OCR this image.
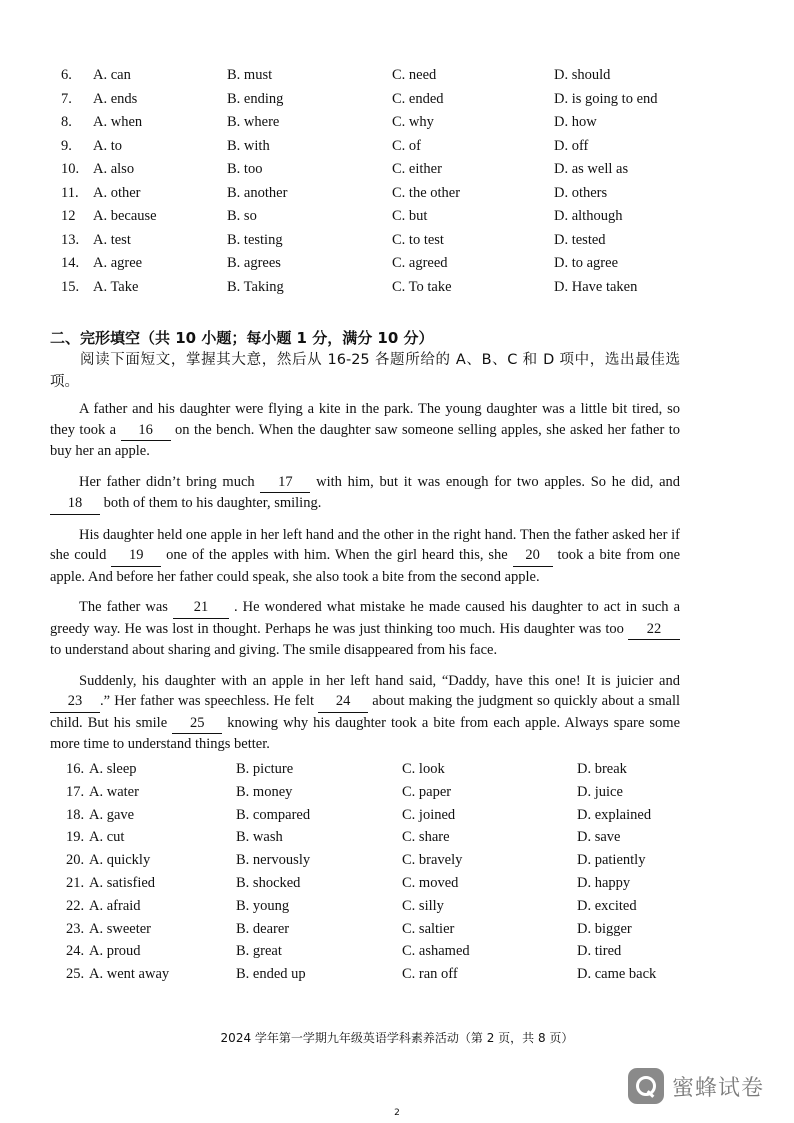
6. A. can	B. must	C. need	D. should
7. A. ends	B. ending	C. ended	D. is going to end
8. A. when	B. where	C. why	D. how
9. A. to	B. with	C. of	D. off
10. A. also	B. too	C. either	D. as well as
11. A. other	B. another	C. the other	D. others
12 A. because	B. so	C. but	D. although
13. A. test	B. testing	C. to test	D. tested
14. A. agree	B. agrees	C. agreed	D. to agree
15. A. Take	B. Taking	C. To take	D. Have taken
二、完形填空（共 10 小题；每小题 1 分，满分 10 分）
阅读下面短文，掌握其大意，然后从 16-25 各题所给的 A、B、C 和 D 项中，选出最佳选项。

A father and his daughter were flying a kite in the park. The young daughter was a little bit tired, so they took a 16 on the bench. When the daughter saw someone selling apples, she asked her father to buy her an apple.

Her father didn’t bring much 17 with him, but it was enough for two apples. So he did, and 18 both of them to his daughter, smiling.

His daughter held one apple in her left hand and the other in the right hand. Then the father asked her if she could 19 one of the apples with him. When the girl heard this, she 20 took a bite from one apple. And before her father could speak, she also took a bite from the second apple.

The father was 21 . He wondered what mistake he made caused his daughter to act in such a greedy way. He was lost in thought. Perhaps he was just thinking too much. His daughter was too 22 to understand about sharing and giving. The smile disappeared from his face.

Suddenly, his daughter with an apple in her left hand said, “Daddy, have this one! It is juicier and 23 .” Her father was speechless. He felt 24 about making the judgment so quickly about a small child. But his smile 25 knowing why his daughter took a bite from each apple. Always spare some more time to understand things better.

16. A. sleep	B. picture	C. look	D. break
17. A. water	B. money	C. paper	D. juice
18. A. gave	B. compared	C. joined	D. explained
19. A. cut	B. wash	C. share	D. save
20. A. quickly	B. nervously	C. bravely	D. patiently
21. A. satisfied	B. shocked	C. moved	D. happy
22. A. afraid	B. young	C. silly	D. excited
23. A. sweeter	B. dearer	C. saltier	D. bigger
24. A. proud	B. great	C. ashamed	D. tired
25. A. went away	B. ended up	C. ran off	D. came back
2024 学年第一学期九年级英语学科素养活动（第 2 页，共 8 页）
蜜蜂试卷
2
